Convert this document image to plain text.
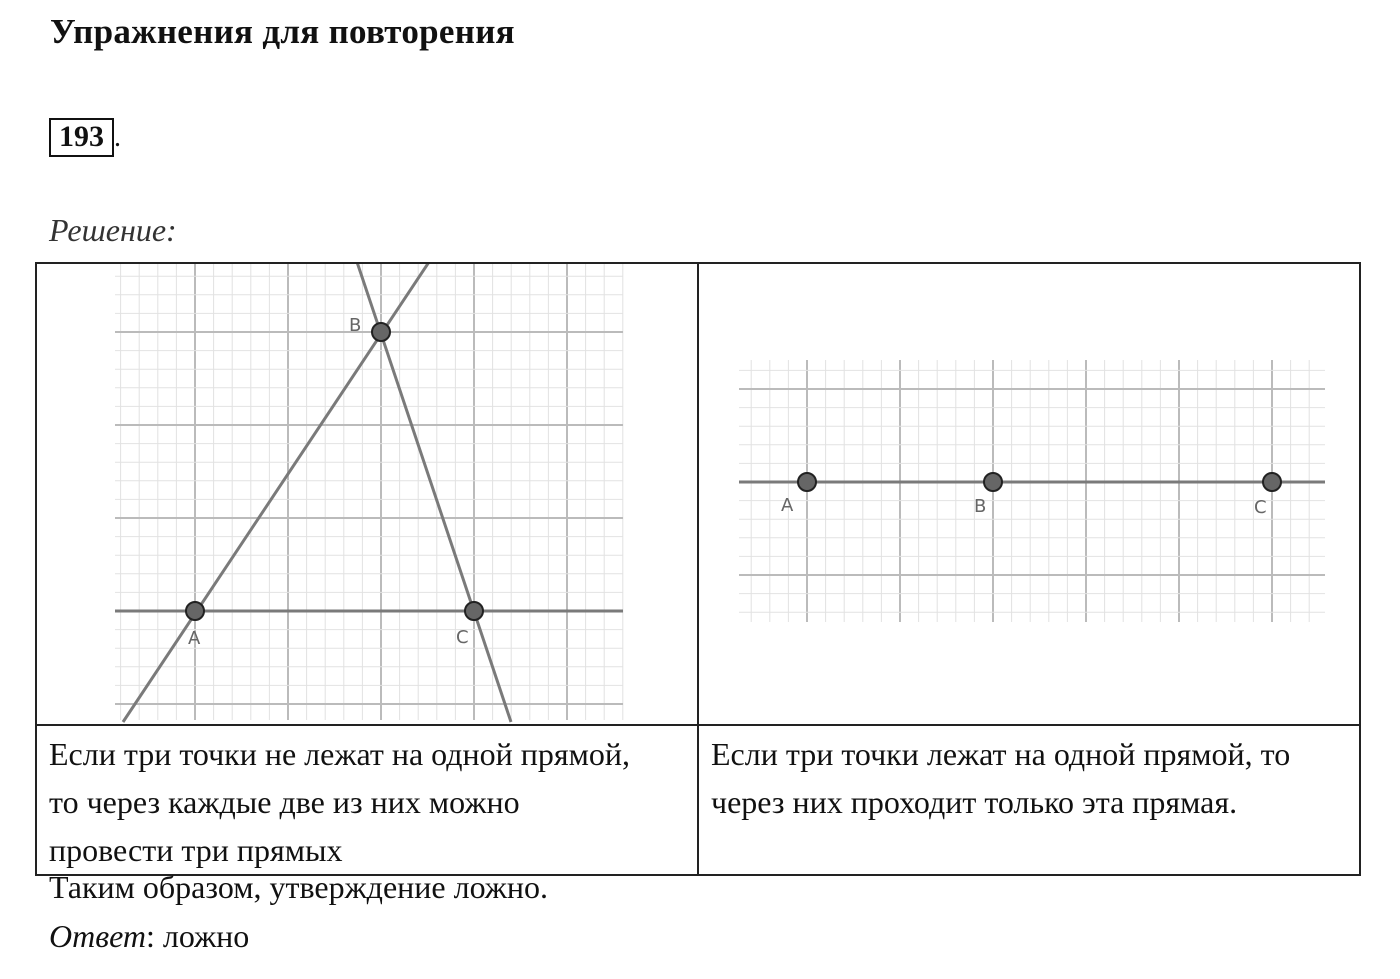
Упражнения для повторения
193 .
Решение:
A
B
C	A B C

Если три точки не лежат на одной прямой,
то через каждые две из них можно
провести три прямых	Если три точки лежат на одной прямой, то
через них проходит только эта прямая.
Таким образом, утверждение ложно.
Ответ: ложно
